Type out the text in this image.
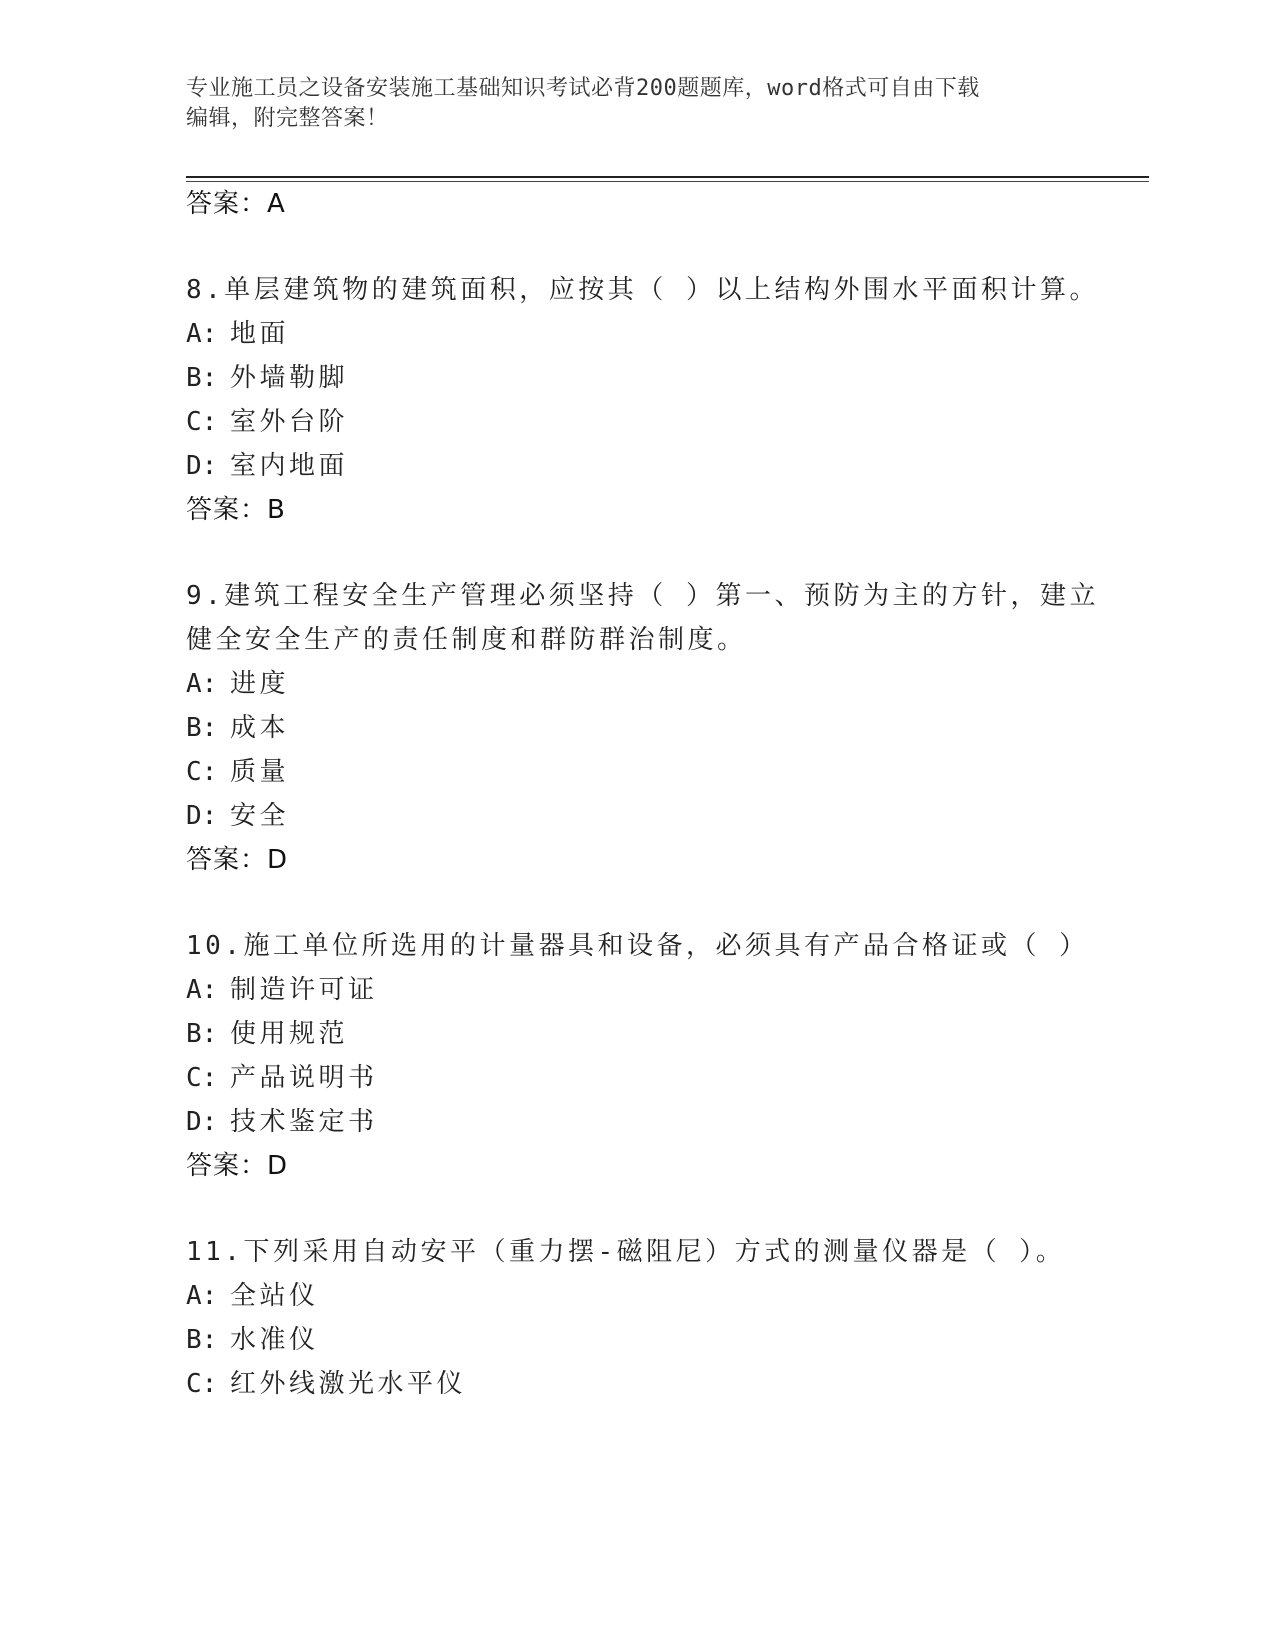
专业施工员之设备安装施工基础知识考试必背200题题库，word格式可自由下载
编辑，附完整答案！
答案：A
8.单层建筑物的建筑面积，应按其（ ）以上结构外围水平面积计算。
A: 地面
B: 外墙勒脚
C: 室外台阶
D: 室内地面
答案：B
9.建筑工程安全生产管理必须坚持（ ）第一、预防为主的方针，建立
健全安全生产的责任制度和群防群治制度。
A: 进度
B: 成本
C: 质量
D: 安全
答案：D
10.施工单位所选用的计量器具和设备，必须具有产品合格证或（ ）
A: 制造许可证
B: 使用规范
C: 产品说明书
D: 技术鉴定书
答案：D
11.下列采用自动安平（重力摆-磁阻尼）方式的测量仪器是（ ）。
A: 全站仪
B: 水准仪
C: 红外线激光水平仪
